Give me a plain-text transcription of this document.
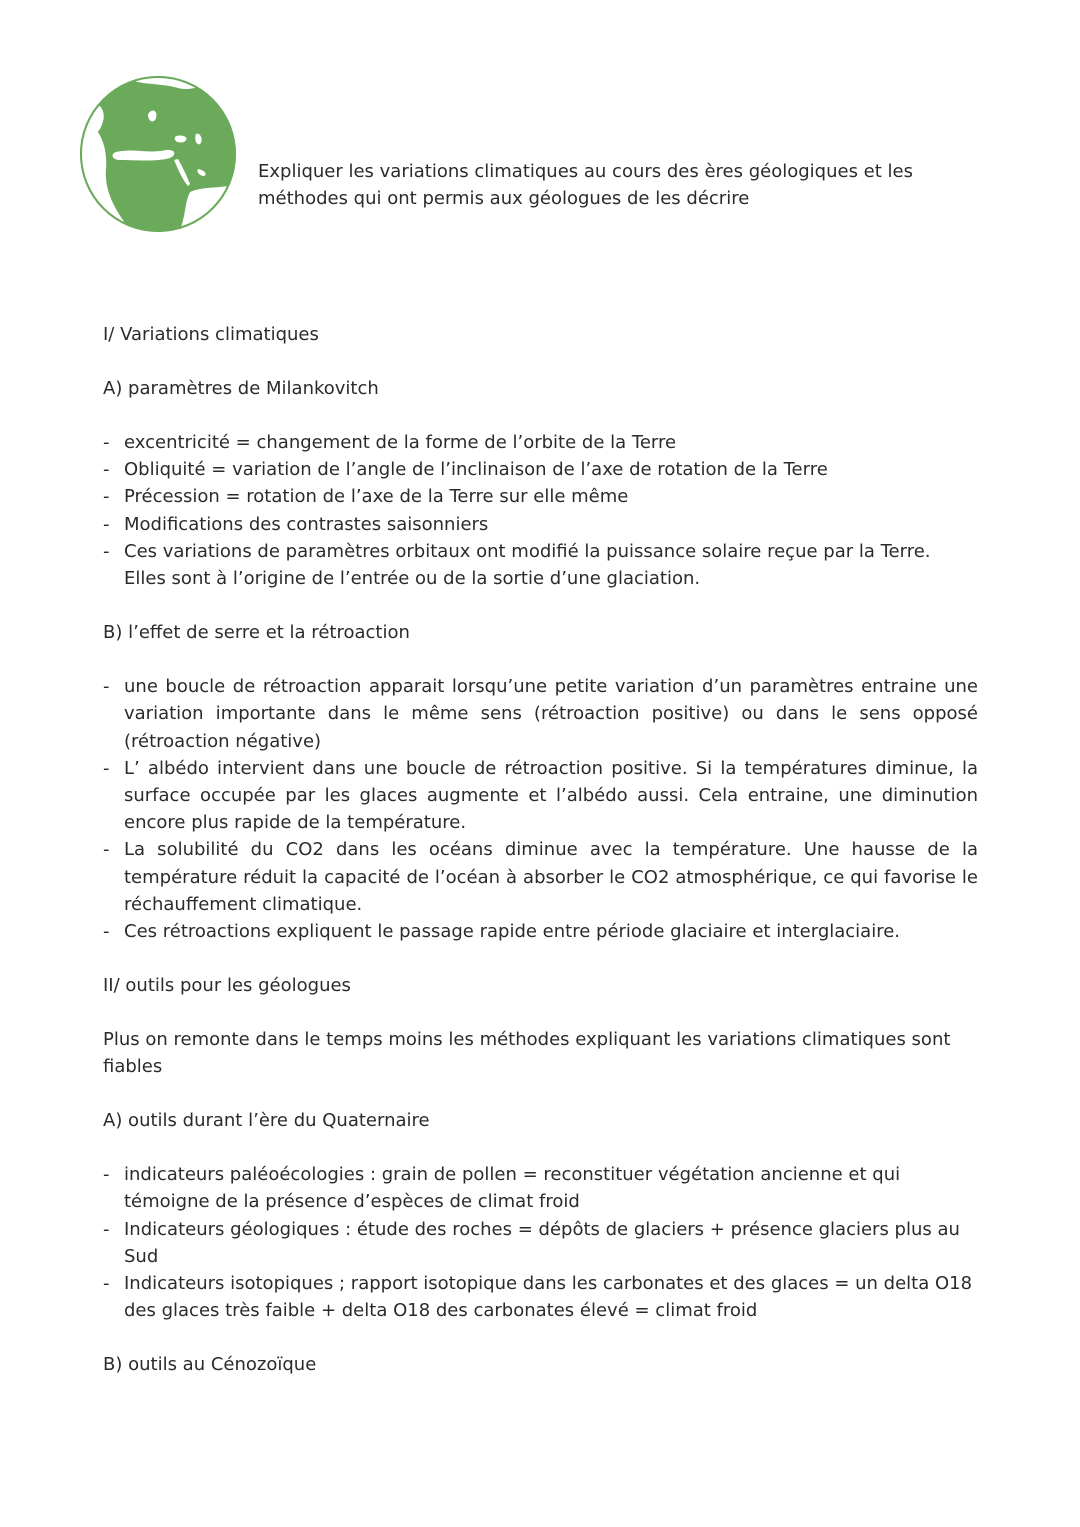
Expliquer les variations climatiques au cours des ères géologiques et les méthodes qui ont permis aux géologues de les décrire
I/ Variations climatiques
A) paramètres de Milankovitch
- excentricité = changement de la forme de l’orbite de la Terre
- Obliquité = variation de l’angle de l’inclinaison de l’axe de rotation de la Terre
- Précession = rotation de l’axe de la Terre sur elle même
- Modifications des contrastes saisonniers
- Ces variations de paramètres orbitaux ont modifié la puissance solaire reçue par la Terre. Elles sont à l’origine de l’entrée ou de la sortie d’une glaciation.
B) l’effet de serre et la rétroaction
- une boucle de rétroaction apparait lorsqu’une petite variation d’un paramètres entraine une variation importante dans le même sens (rétroaction positive) ou dans le sens opposé (rétroaction négative)
- L’ albédo intervient dans une boucle de rétroaction positive. Si la températures diminue, la surface occupée par les glaces augmente et l’albédo aussi. Cela entraine, une diminution encore plus rapide de la température.
- La solubilité du CO2 dans les océans diminue avec la température. Une hausse de la température réduit la capacité de l’océan à absorber le CO2 atmosphérique, ce qui favorise le réchauffement climatique.
- Ces rétroactions expliquent le passage rapide entre période glaciaire et interglaciaire.
II/ outils pour les géologues
Plus on remonte dans le temps moins les méthodes expliquant les variations climatiques sont fiables
A) outils durant l’ère du Quaternaire
- indicateurs paléoécologies : grain de pollen = reconstituer végétation ancienne et qui témoigne de la présence d’espèces de climat froid
- Indicateurs géologiques : étude des roches = dépôts de glaciers + présence glaciers plus au Sud
- Indicateurs isotopiques ; rapport isotopique dans les carbonates et des glaces = un delta O18 des glaces très faible + delta O18 des carbonates élevé = climat froid
B) outils au Cénozoïque
